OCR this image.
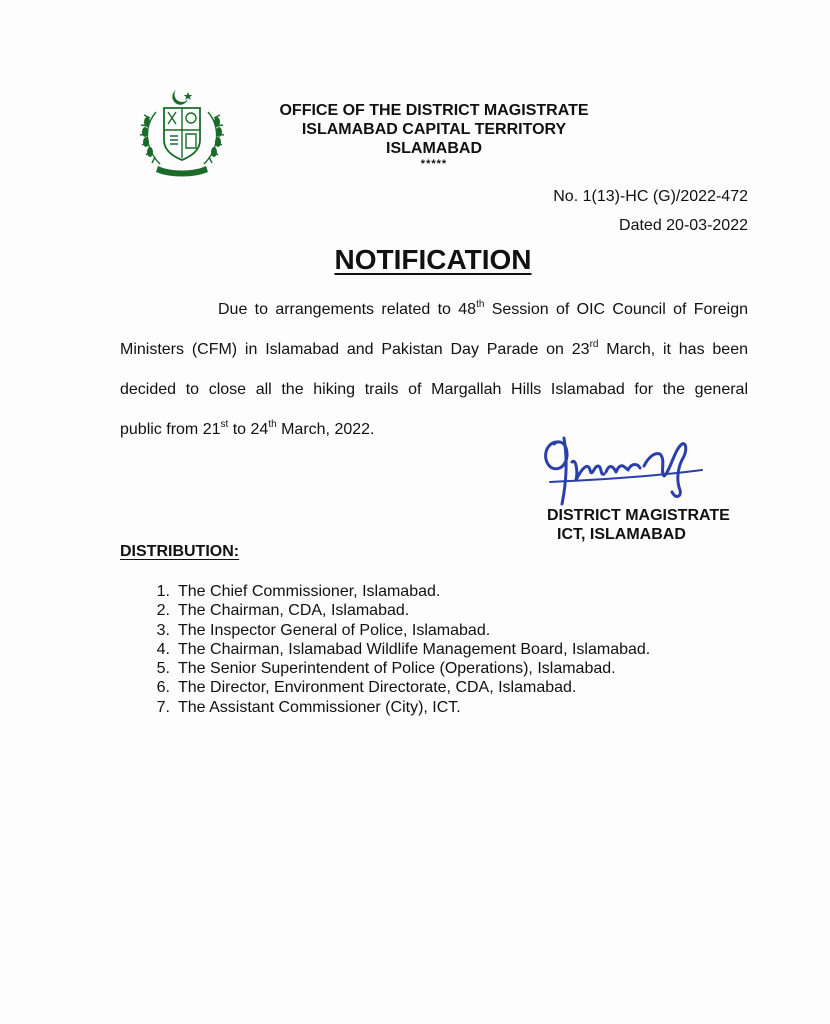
OFFICE OF THE DISTRICT MAGISTRATE
ISLAMABAD CAPITAL TERRITORY
ISLAMABAD
*****
No. 1(13)-HC (G)/2022-472
Dated 20-03-2022
NOTIFICATION
Due to arrangements related to 48th Session of OIC Council of Foreign
Ministers (CFM) in Islamabad and Pakistan Day Parade on 23rd March, it has been
decided to close all the hiking trails of Margallah Hills Islamabad for the general
public from 21st to 24th March, 2022.
DISTRICT MAGISTRATE
ICT, ISLAMABAD
DISTRIBUTION:
1. The Chief Commissioner, Islamabad.
2. The Chairman, CDA, Islamabad.
3. The Inspector General of Police, Islamabad.
4. The Chairman, Islamabad Wildlife Management Board, Islamabad.
5. The Senior Superintendent of Police (Operations), Islamabad.
6. The Director, Environment Directorate, CDA, Islamabad.
7. The Assistant Commissioner (City), ICT.
